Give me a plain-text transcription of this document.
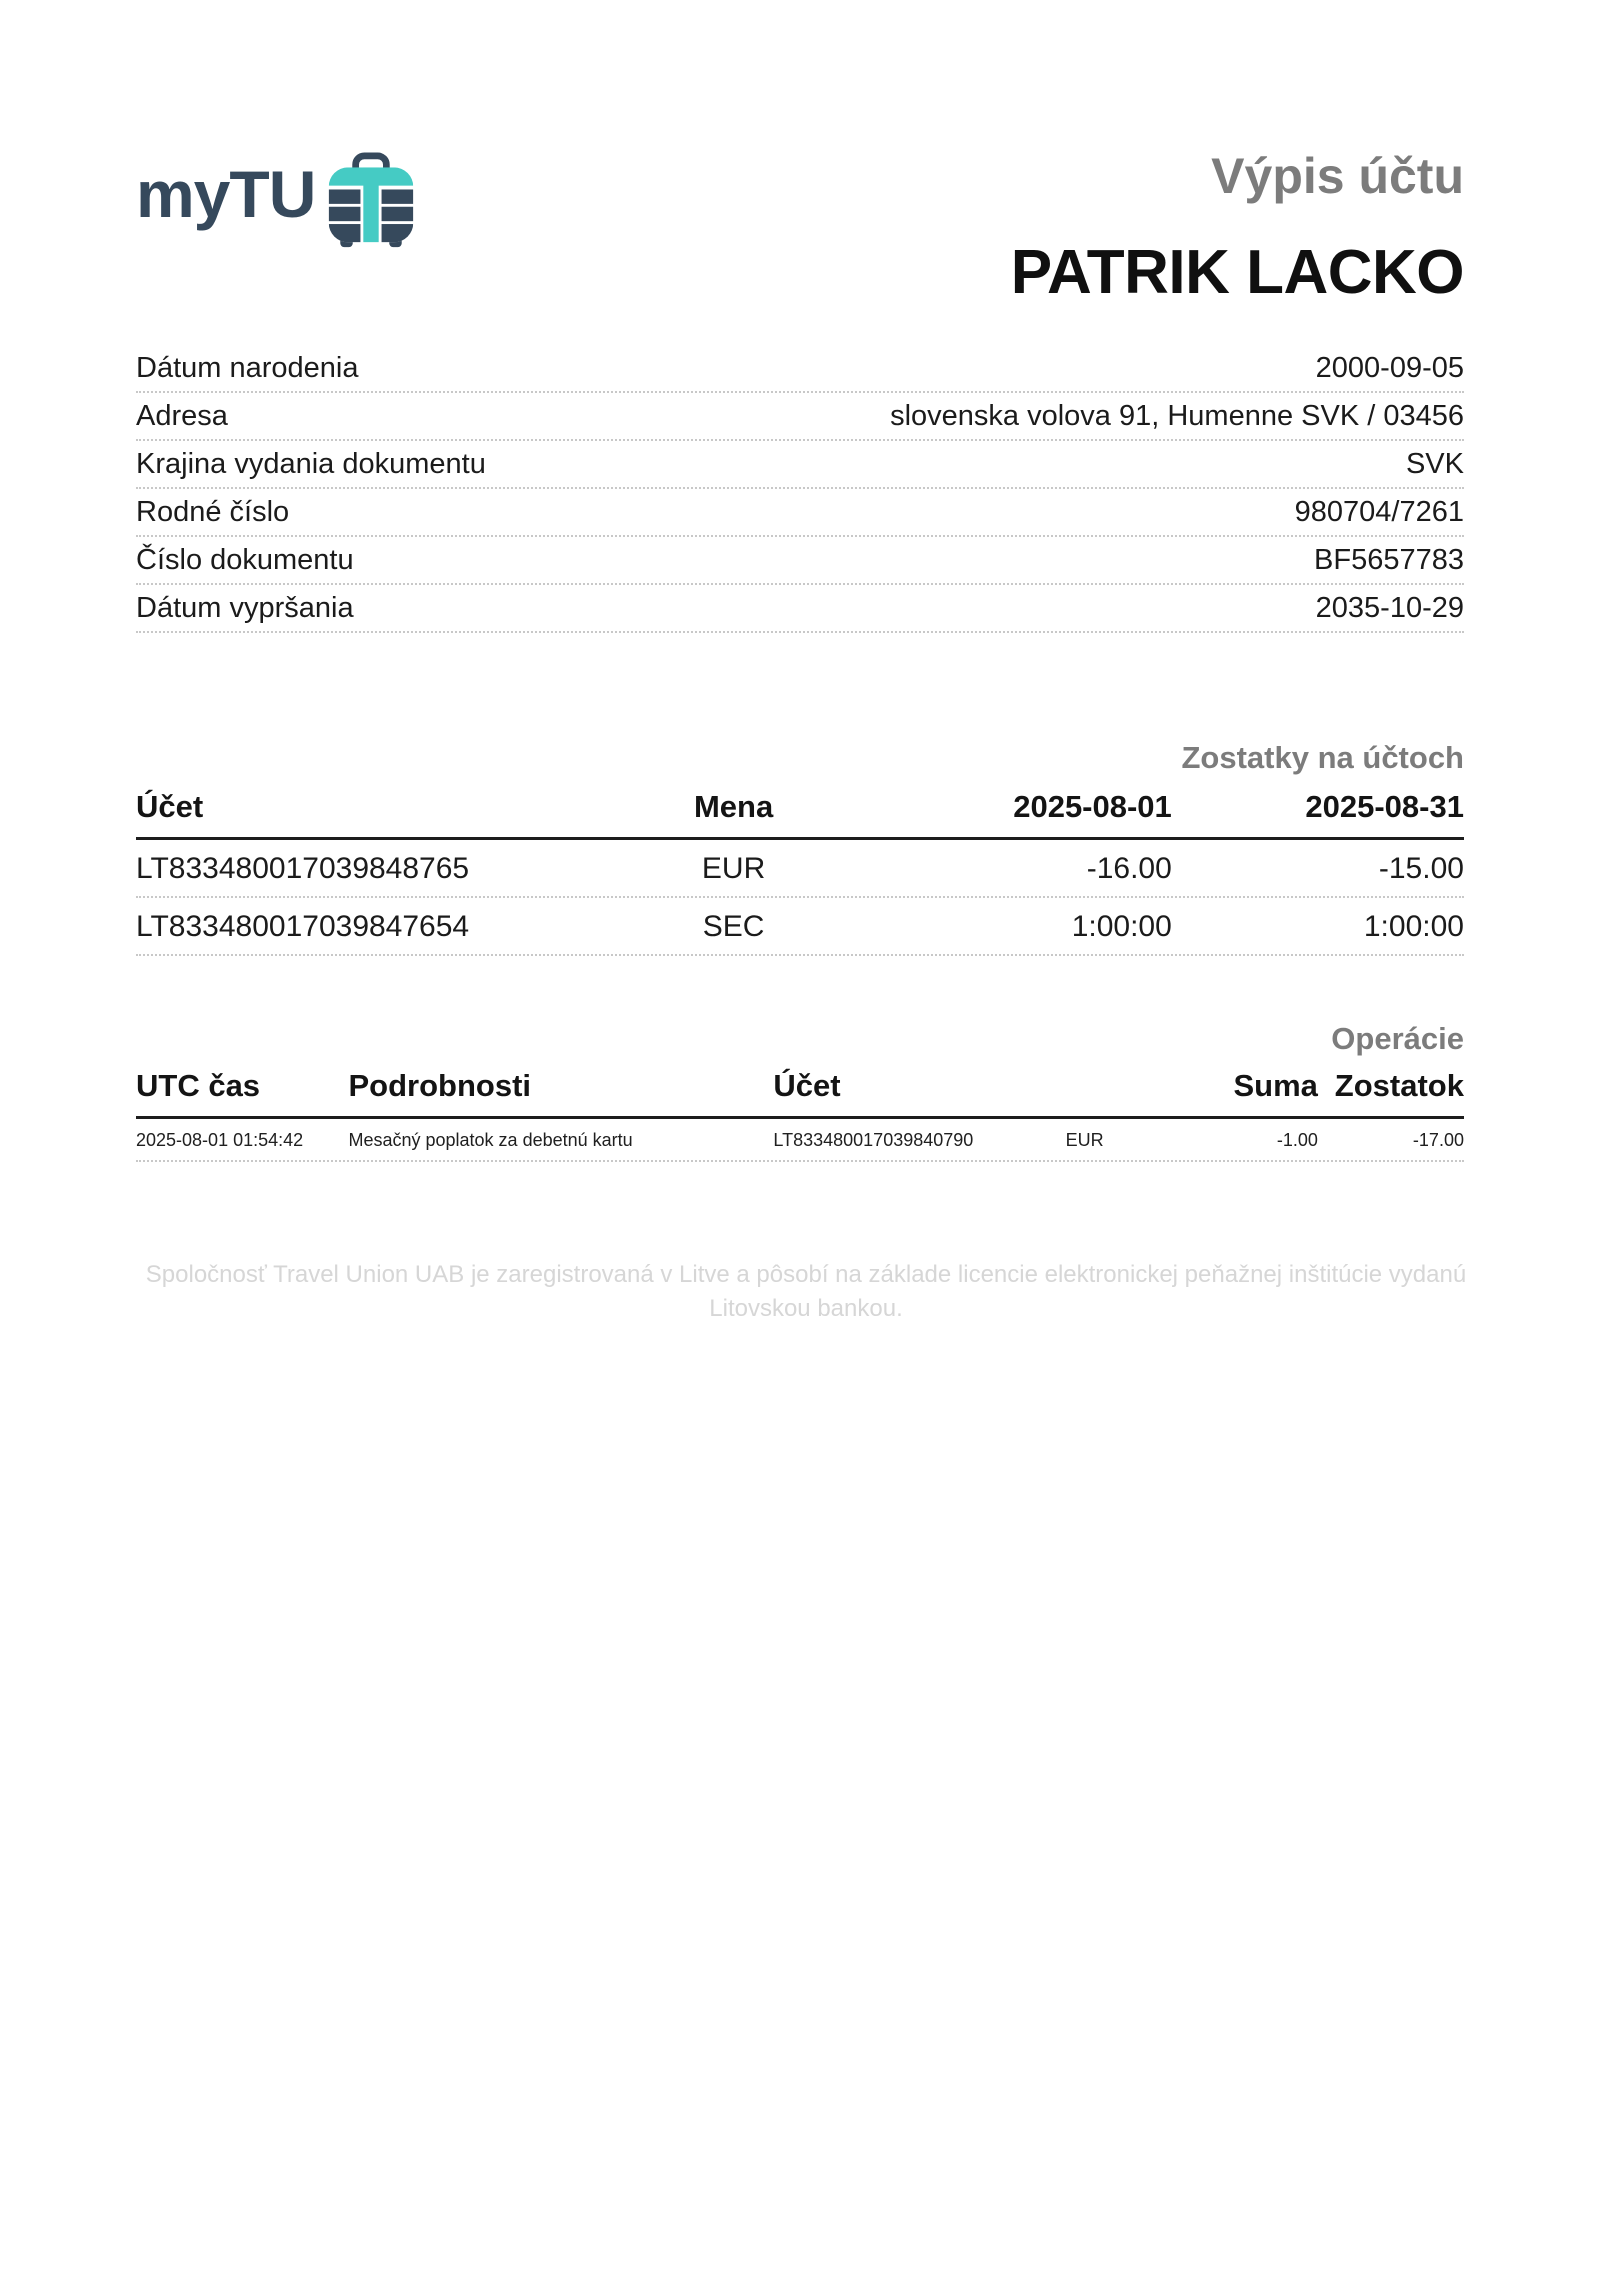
myTU	Výpis účtu
PATRIK LACKO
Dátum narodenia	2000-09-05
Adresa	slovenska volova 91, Humenne SVK / 03456
Krajina vydania dokumentu	SVK
Rodné číslo	980704/7261
Číslo dokumentu	BF5657783
Dátum vypršania	2035-10-29
Zostatky na účtoch
Účet	Mena	2025-08-01	2025-08-31
LT833480017039848765	EUR	-16.00	-15.00
LT833480017039847654	SEC	1:00:00	1:00:00
Operácie
UTC čas	Podrobnosti	Účet	Suma Zostatok
2025-08-01 01:54:42	Mesačný poplatok za debetnú kartu	LT833480017039840790	EUR	-1.00	-17.00
Spoločnosť Travel Union UAB je zaregistrovaná v Litve a pôsobí na základe licencie elektronickej peňažnej inštitúcie vydanú Litovskou bankou.
